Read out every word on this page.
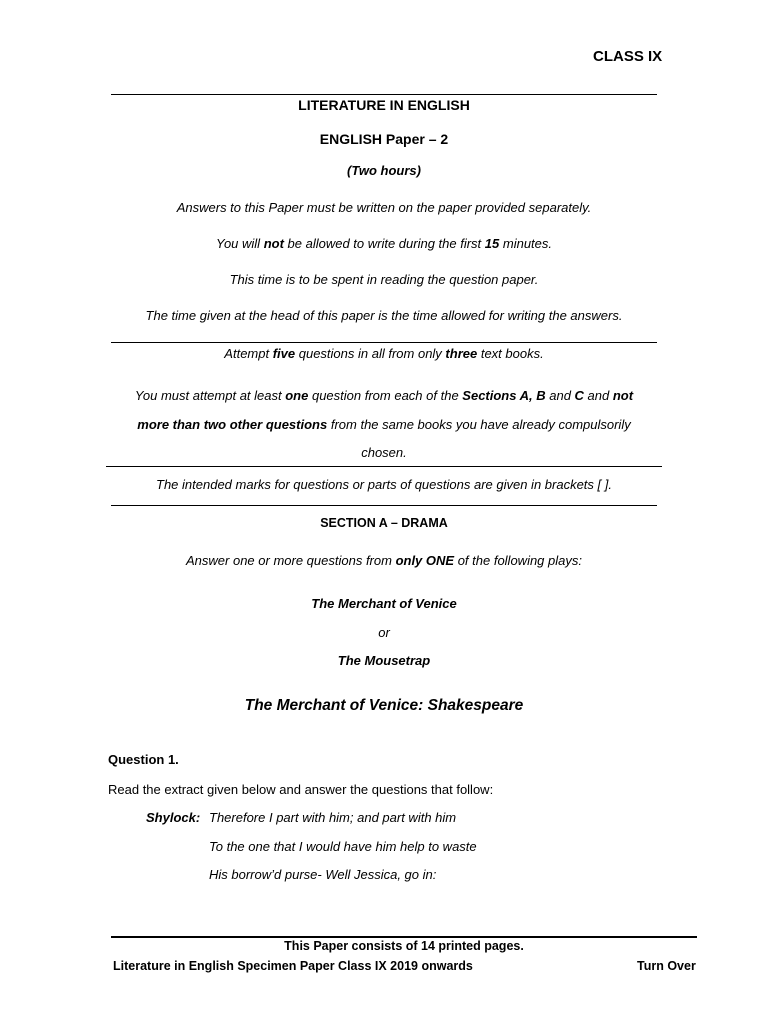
CLASS IX
LITERATURE IN ENGLISH
ENGLISH Paper – 2
(Two hours)
Answers to this Paper must be written on the paper provided separately.
You will not be allowed to write during the first 15 minutes.
This time is to be spent in reading the question paper.
The time given at the head of this paper is the time allowed for writing the answers.
Attempt five questions in all from only three text books.
You must attempt at least one question from each of the Sections A, B and C and not
more than two other questions from the same books you have already compulsorily
chosen.
The intended marks for questions or parts of questions are given in brackets [ ].
SECTION A – DRAMA
Answer one or more questions from only ONE of the following plays:
The Merchant of Venice
or
The Mousetrap
The Merchant of Venice: Shakespeare
Question 1.
Read the extract given below and answer the questions that follow:
Shylock: Therefore I part with him; and part with him
To the one that I would have him help to waste
His borrow’d purse- Well Jessica, go in:
This Paper consists of 14 printed pages.
Literature in English Specimen Paper Class IX 2019 onwards	Turn Over
